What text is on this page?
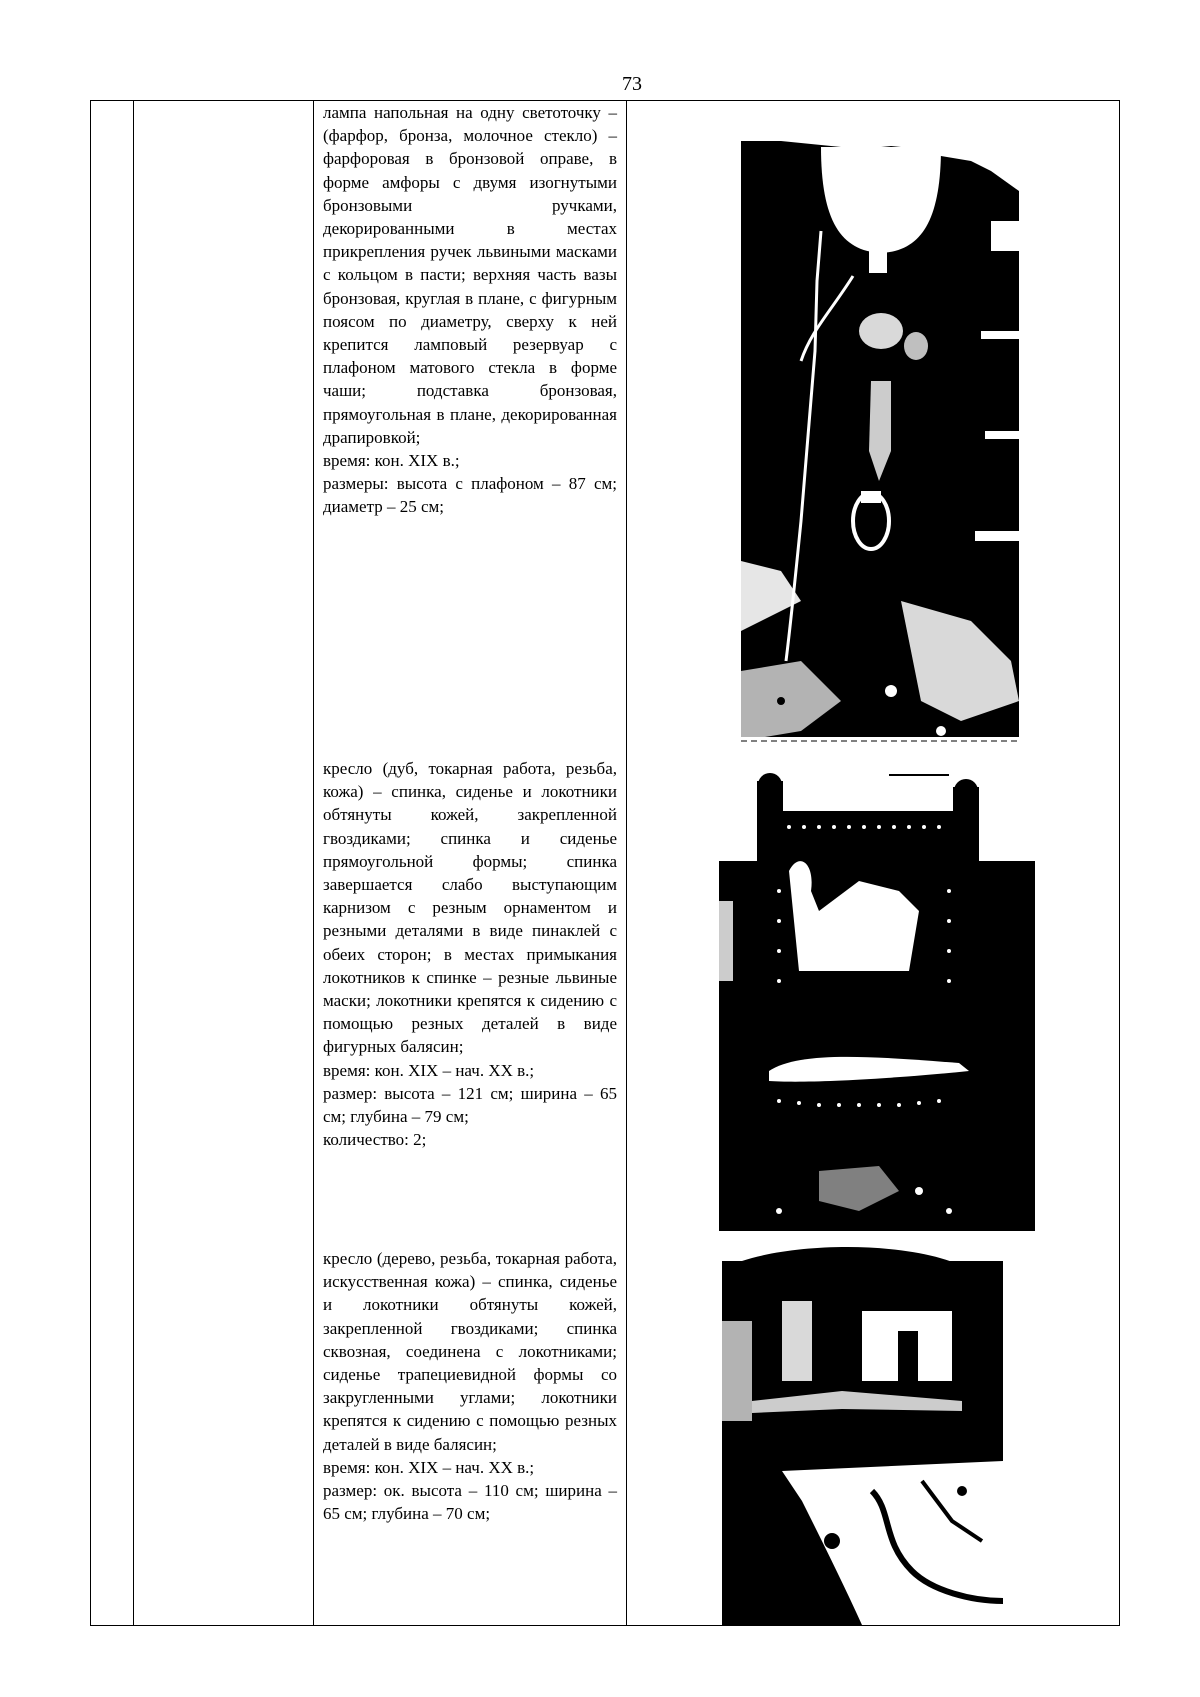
73

лампа напольная на одну светоточку – (фарфор, бронза, молочное стекло) – фарфоровая в бронзовой оправе, в форме амфоры с двумя изогнутыми бронзовыми ручками, декорированными в местах прикрепления ручек львиными масками с кольцом в пасти; верхняя часть вазы бронзовая, круглая в плане, с фигурным поясом по диаметру, сверху к ней крепится ламповый резервуар с плафоном матового стекла в форме чаши; подставка бронзовая, прямоугольная в плане, декорированная драпировкой;

время: кон. XIX в.;

размеры: высота с плафоном – 87 см; диаметр – 25 см;

кресло (дуб, токарная работа, резьба, кожа) – спинка, сиденье и локотники обтянуты кожей, закрепленной гвоздиками; спинка и сиденье прямоугольной формы; спинка завершается слабо выступающим карнизом с резным орнаментом и резными деталями в виде пинаклей с обеих сторон; в местах примыкания локотников к спинке – резные львиные маски; локотники крепятся к сидению с помощью резных деталей в виде фигурных балясин;

время: кон. XIX – нач. XX в.;

размер: высота – 121 см; ширина – 65 см; глубина – 79 см;

количество: 2;

кресло (дерево, резьба, токарная работа, искусственная кожа) – спинка, сиденье и локотники обтянуты кожей, закрепленной гвоздиками; спинка сквозная, соединена с локотниками; сиденье трапециевидной формы со закругленными углами; локотники крепятся к сидению с помощью резных деталей в виде балясин;

время: кон. XIX – нач. XX в.;

размер: ок. высота – 110 см; ширина – 65 см; глубина – 70 см;
